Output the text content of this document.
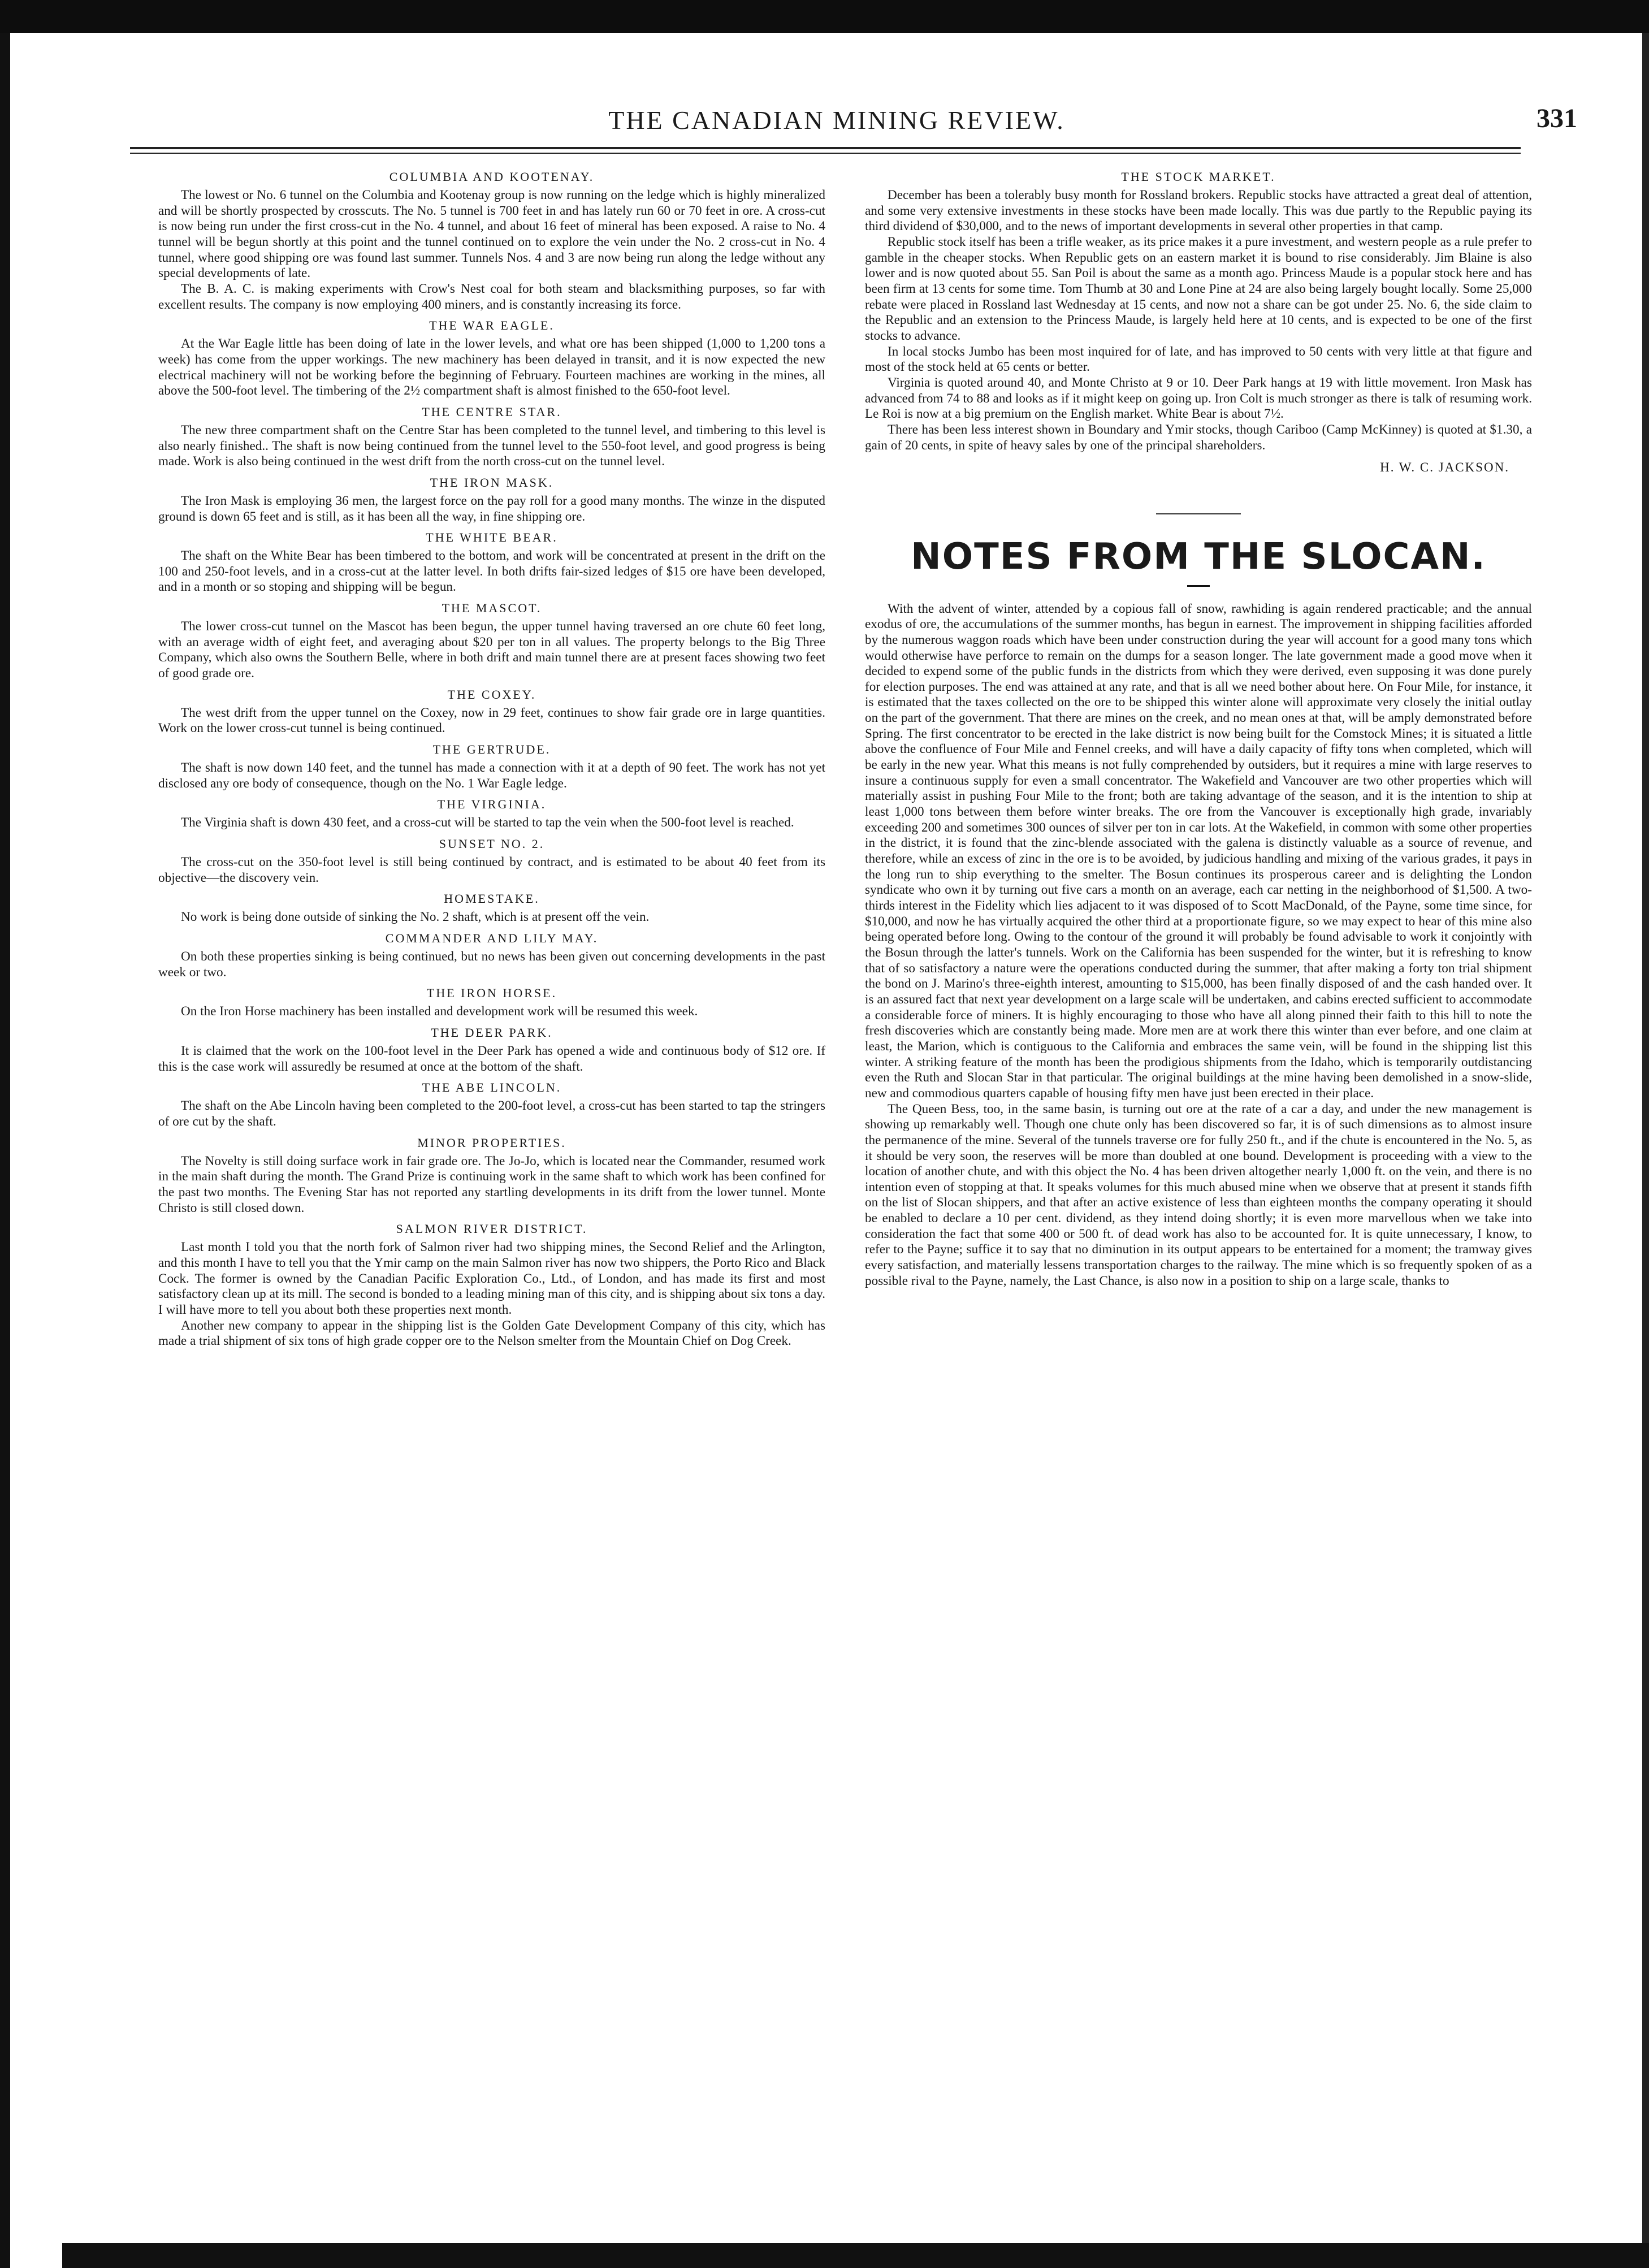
THE CANADIAN MINING REVIEW.	331
COLUMBIA AND KOOTENAY.

The lowest or No. 6 tunnel on the Columbia and Kootenay group is now running on the ledge which is highly mineralized and will be shortly prospected by crosscuts. The No. 5 tunnel is 700 feet in and has lately run 60 or 70 feet in ore. A cross-cut is now being run under the first cross-cut in the No. 4 tunnel, and about 16 feet of mineral has been exposed. A raise to No. 4 tunnel will be begun shortly at this point and the tunnel continued on to explore the vein under the No. 2 cross-cut in No. 4 tunnel, where good shipping ore was found last summer. Tunnels Nos. 4 and 3 are now being run along the ledge without any special developments of late.

The B. A. C. is making experiments with Crow's Nest coal for both steam and blacksmithing purposes, so far with excellent results. The company is now employing 400 miners, and is constantly increasing its force.

THE WAR EAGLE.

At the War Eagle little has been doing of late in the lower levels, and what ore has been shipped (1,000 to 1,200 tons a week) has come from the upper workings. The new machinery has been delayed in transit, and it is now expected the new electrical machinery will not be working before the beginning of February. Fourteen machines are working in the mines, all above the 500-foot level. The timbering of the 2½ compartment shaft is almost finished to the 650-foot level.

THE CENTRE STAR.

The new three compartment shaft on the Centre Star has been completed to the tunnel level, and timbering to this level is also nearly finished.. The shaft is now being continued from the tunnel level to the 550-foot level, and good progress is being made. Work is also being continued in the west drift from the north cross-cut on the tunnel level.

THE IRON MASK.

The Iron Mask is employing 36 men, the largest force on the pay roll for a good many months. The winze in the disputed ground is down 65 feet and is still, as it has been all the way, in fine shipping ore.

THE WHITE BEAR.

The shaft on the White Bear has been timbered to the bottom, and work will be concentrated at present in the drift on the 100 and 250-foot levels, and in a cross-cut at the latter level. In both drifts fair-sized ledges of $15 ore have been developed, and in a month or so stoping and shipping will be begun.

THE MASCOT.

The lower cross-cut tunnel on the Mascot has been begun, the upper tunnel having traversed an ore chute 60 feet long, with an average width of eight feet, and averaging about $20 per ton in all values. The property belongs to the Big Three Company, which also owns the Southern Belle, where in both drift and main tunnel there are at present faces showing two feet of good grade ore.

THE COXEY.

The west drift from the upper tunnel on the Coxey, now in 29 feet, continues to show fair grade ore in large quantities. Work on the lower cross-cut tunnel is being continued.

THE GERTRUDE.

The shaft is now down 140 feet, and the tunnel has made a connection with it at a depth of 90 feet. The work has not yet disclosed any ore body of consequence, though on the No. 1 War Eagle ledge.

THE VIRGINIA.

The Virginia shaft is down 430 feet, and a cross-cut will be started to tap the vein when the 500-foot level is reached.

SUNSET NO. 2.

The cross-cut on the 350-foot level is still being continued by contract, and is estimated to be about 40 feet from its objective—the discovery vein.

HOMESTAKE.

No work is being done outside of sinking the No. 2 shaft, which is at present off the vein.

COMMANDER AND LILY MAY.

On both these properties sinking is being continued, but no news has been given out concerning developments in the past week or two.

THE IRON HORSE.

On the Iron Horse machinery has been installed and development work will be resumed this week.

THE DEER PARK.

It is claimed that the work on the 100-foot level in the Deer Park has opened a wide and continuous body of $12 ore. If this is the case work will assuredly be resumed at once at the bottom of the shaft.

THE ABE LINCOLN.

The shaft on the Abe Lincoln having been completed to the 200-foot level, a cross-cut has been started to tap the stringers of ore cut by the shaft.

MINOR PROPERTIES.

The Novelty is still doing surface work in fair grade ore. The Jo-Jo, which is located near the Commander, resumed work in the main shaft during the month. The Grand Prize is continuing work in the same shaft to which work has been confined for the past two months. The Evening Star has not reported any startling developments in its drift from the lower tunnel. Monte Christo is still closed down.

SALMON RIVER DISTRICT.

Last month I told you that the north fork of Salmon river had two shipping mines, the Second Relief and the Arlington, and this month I have to tell you that the Ymir camp on the main Salmon river has now two shippers, the Porto Rico and Black Cock. The former is owned by the Canadian Pacific Exploration Co., Ltd., of London, and has made its first and most satisfactory clean up at its mill. The second is bonded to a leading mining man of this city, and is shipping about six tons a day. I will have more to tell you about both these properties next month.

Another new company to appear in the shipping list is the Golden Gate Development Company of this city, which has made a trial shipment of six tons of high grade copper ore to the Nelson smelter from the Mountain Chief on Dog Creek.

THE STOCK MARKET.

December has been a tolerably busy month for Rossland brokers. Republic stocks have attracted a great deal of attention, and some very extensive investments in these stocks have been made locally. This was due partly to the Republic paying its third dividend of $30,000, and to the news of important developments in several other properties in that camp.

Republic stock itself has been a trifle weaker, as its price makes it a pure investment, and western people as a rule prefer to gamble in the cheaper stocks. When Republic gets on an eastern market it is bound to rise considerably. Jim Blaine is also lower and is now quoted about 55. San Poil is about the same as a month ago. Princess Maude is a popular stock here and has been firm at 13 cents for some time. Tom Thumb at 30 and Lone Pine at 24 are also being largely bought locally. Some 25,000 rebate were placed in Rossland last Wednesday at 15 cents, and now not a share can be got under 25. No. 6, the side claim to the Republic and an extension to the Princess Maude, is largely held here at 10 cents, and is expected to be one of the first stocks to advance.

In local stocks Jumbo has been most inquired for of late, and has improved to 50 cents with very little at that figure and most of the stock held at 65 cents or better.

Virginia is quoted around 40, and Monte Christo at 9 or 10. Deer Park hangs at 19 with little movement. Iron Mask has advanced from 74 to 88 and looks as if it might keep on going up. Iron Colt is much stronger as there is talk of resuming work. Le Roi is now at a big premium on the English market. White Bear is about 7½.

There has been less interest shown in Boundary and Ymir stocks, though Cariboo (Camp McKinney) is quoted at $1.30, a gain of 20 cents, in spite of heavy sales by one of the principal shareholders.

H. W. C. JACKSON.
NOTES FROM THE SLOCAN.

With the advent of winter, attended by a copious fall of snow, rawhiding is again rendered practicable; and the annual exodus of ore, the accumulations of the summer months, has begun in earnest. The improvement in shipping facilities afforded by the numerous waggon roads which have been under construction during the year will account for a good many tons which would otherwise have perforce to remain on the dumps for a season longer. The late government made a good move when it decided to expend some of the public funds in the districts from which they were derived, even supposing it was done purely for election purposes. The end was attained at any rate, and that is all we need bother about here. On Four Mile, for instance, it is estimated that the taxes collected on the ore to be shipped this winter alone will approximate very closely the initial outlay on the part of the government. That there are mines on the creek, and no mean ones at that, will be amply demonstrated before Spring. The first concentrator to be erected in the lake district is now being built for the Comstock Mines; it is situated a little above the confluence of Four Mile and Fennel creeks, and will have a daily capacity of fifty tons when completed, which will be early in the new year. What this means is not fully comprehended by outsiders, but it requires a mine with large reserves to insure a continuous supply for even a small concentrator. The Wakefield and Vancouver are two other properties which will materially assist in pushing Four Mile to the front; both are taking advantage of the season, and it is the intention to ship at least 1,000 tons between them before winter breaks. The ore from the Vancouver is exceptionally high grade, invariably exceeding 200 and sometimes 300 ounces of silver per ton in car lots. At the Wakefield, in common with some other properties in the district, it is found that the zinc-blende associated with the galena is distinctly valuable as a source of revenue, and therefore, while an excess of zinc in the ore is to be avoided, by judicious handling and mixing of the various grades, it pays in the long run to ship everything to the smelter. The Bosun continues its prosperous career and is delighting the London syndicate who own it by turning out five cars a month on an average, each car netting in the neighborhood of $1,500. A two-thirds interest in the Fidelity which lies adjacent to it was disposed of to Scott MacDonald, of the Payne, some time since, for $10,000, and now he has virtually acquired the other third at a proportionate figure, so we may expect to hear of this mine also being operated before long. Owing to the contour of the ground it will probably be found advisable to work it conjointly with the Bosun through the latter's tunnels. Work on the California has been suspended for the winter, but it is refreshing to know that of so satisfactory a nature were the operations conducted during the summer, that after making a forty ton trial shipment the bond on J. Marino's three-eighth interest, amounting to $15,000, has been finally disposed of and the cash handed over. It is an assured fact that next year development on a large scale will be undertaken, and cabins erected sufficient to accommodate a considerable force of miners. It is highly encouraging to those who have all along pinned their faith to this hill to note the fresh discoveries which are constantly being made. More men are at work there this winter than ever before, and one claim at least, the Marion, which is contiguous to the California and embraces the same vein, will be found in the shipping list this winter. A striking feature of the month has been the prodigious shipments from the Idaho, which is temporarily outdistancing even the Ruth and Slocan Star in that particular. The original buildings at the mine having been demolished in a snow-slide, new and commodious quarters capable of housing fifty men have just been erected in their place.

The Queen Bess, too, in the same basin, is turning out ore at the rate of a car a day, and under the new management is showing up remarkably well. Though one chute only has been discovered so far, it is of such dimensions as to almost insure the permanence of the mine. Several of the tunnels traverse ore for fully 250 ft., and if the chute is encountered in the No. 5, as it should be very soon, the reserves will be more than doubled at one bound. Development is proceeding with a view to the location of another chute, and with this object the No. 4 has been driven altogether nearly 1,000 ft. on the vein, and there is no intention even of stopping at that. It speaks volumes for this much abused mine when we observe that at present it stands fifth on the list of Slocan shippers, and that after an active existence of less than eighteen months the company operating it should be enabled to declare a 10 per cent. dividend, as they intend doing shortly; it is even more marvellous when we take into consideration the fact that some 400 or 500 ft. of dead work has also to be accounted for. It is quite unnecessary, I know, to refer to the Payne; suffice it to say that no diminution in its output appears to be entertained for a moment; the tramway gives every satisfaction, and materially lessens transportation charges to the railway. The mine which is so frequently spoken of as a possible rival to the Payne, namely, the Last Chance, is also now in a position to ship on a large scale, thanks to
